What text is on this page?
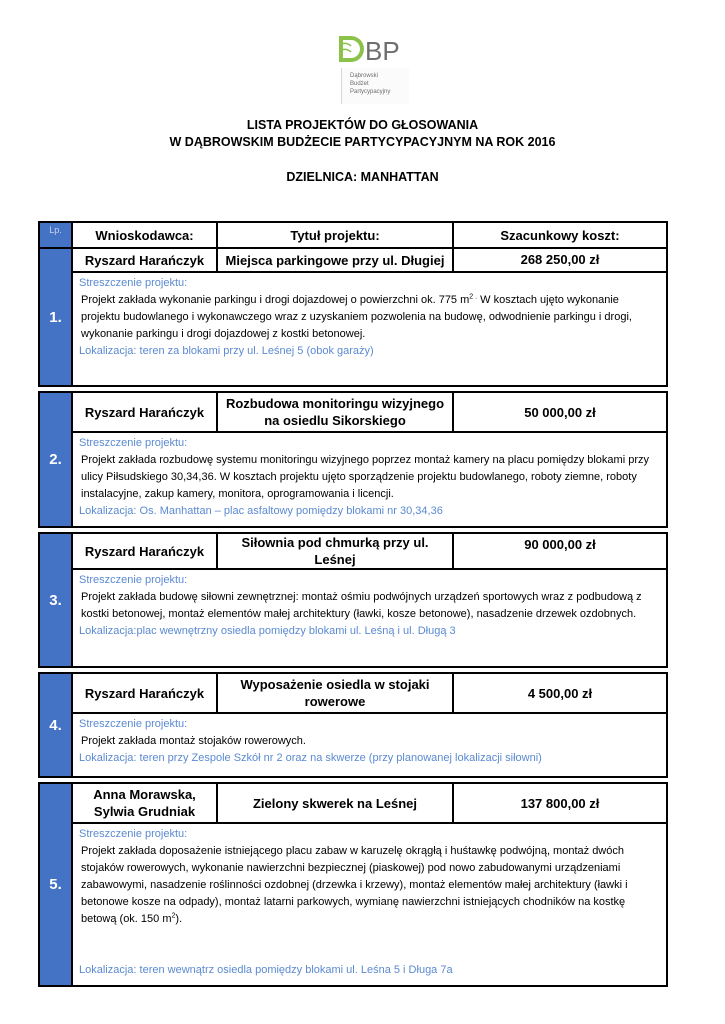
BP
Dąbrowski
Budżet
Partycypacyjny
LISTA PROJEKTÓW DO GŁOSOWANIA
W DĄBROWSKIM BUDŻECIE PARTYCYPACYJNYM NA ROK 2016
DZIELNICA: MANHATTAN
Lp.	Wnioskodawca:	Tytuł projektu:	Szacunkowy koszt:
1.	Ryszard Harańczyk	Miejsca parkingowe przy ul. Długiej	268 250,00 zł

	Streszczenie projektu:
Projekt zakłada wykonanie parkingu i drogi dojazdowej o powierzchni ok. 775 $m^{2 .}$ W kosztach ujęto wykonanie projektu budowlanego i wykonawczego wraz z uzyskaniem pozwolenia na budowę, odwodnienie parkingu i drogi, wykonanie parkingu i drogi dojazdowej z kostki betonowej.
Lokalizacja: teren za blokami przy ul. Leśnej 5 (obok garaży)		

2.	Ryszard Harańczyk	Rozbudowa monitoringu wizyjnego na osiedlu Sikorskiego	50 000,00 zł

	Streszczenie projektu:
Projekt zakłada rozbudowę systemu monitoringu wizyjnego poprzez montaż kamery na placu pomiędzy blokami przy ulicy Piłsudskiego 30,34,36. W kosztach projektu ujęto sporządzenie projektu budowlanego, roboty ziemne, roboty instalacyjne, zakup kamery, monitora, oprogramowania i licencji.
Lokalizacja: Os. Manhattan – plac asfaltowy pomiędzy blokami nr 30,34,36		

3.	Ryszard Harańczyk	Siłownia pod chmurką przy ul. Leśnej	90 000,00 zł

	Streszczenie projektu:
Projekt zakłada budowę siłowni zewnętrznej: montaż ośmiu podwójnych urządzeń sportowych wraz z podbudową z kostki betonowej, montaż elementów małej architektury (ławki, kosze betonowe), nasadzenie drzewek ozdobnych.
Lokalizacja:plac wewnętrzny osiedla pomiędzy blokami ul. Leśną i ul. Długą 3		

4.	Ryszard Harańczyk	Wyposażenie osiedla w stojaki rowerowe	4 500,00 zł

	Streszczenie projektu:
Projekt zakłada montaż stojaków rowerowych.
Lokalizacja: teren przy Zespole Szkół nr 2 oraz na skwerze (przy planowanej lokalizacji siłowni)		

5.	Anna Morawska, Sylwia Grudniak	Zielony skwerek na Leśnej	137 800,00 zł

	Streszczenie projektu:
Projekt zakłada doposażenie istniejącego placu zabaw w karuzelę okrągłą i huśtawkę podwójną, montaż dwóch stojaków rowerowych, wykonanie nawierzchni bezpiecznej (piaskowej) pod nowo zabudowanymi urządzeniami zabawowymi, nasadzenie roślinności ozdobnej (drzewka i krzewy), montaż elementów małej architektury (ławki i betonowe kosze na odpady), montaż latarni parkowych, wymianę nawierzchni istniejących chodników na kostkę betową (ok. 150 $m^2$).
Lokalizacja: teren wewnątrz osiedla pomiędzy blokami ul. Leśna 5 i Długa 7a		
